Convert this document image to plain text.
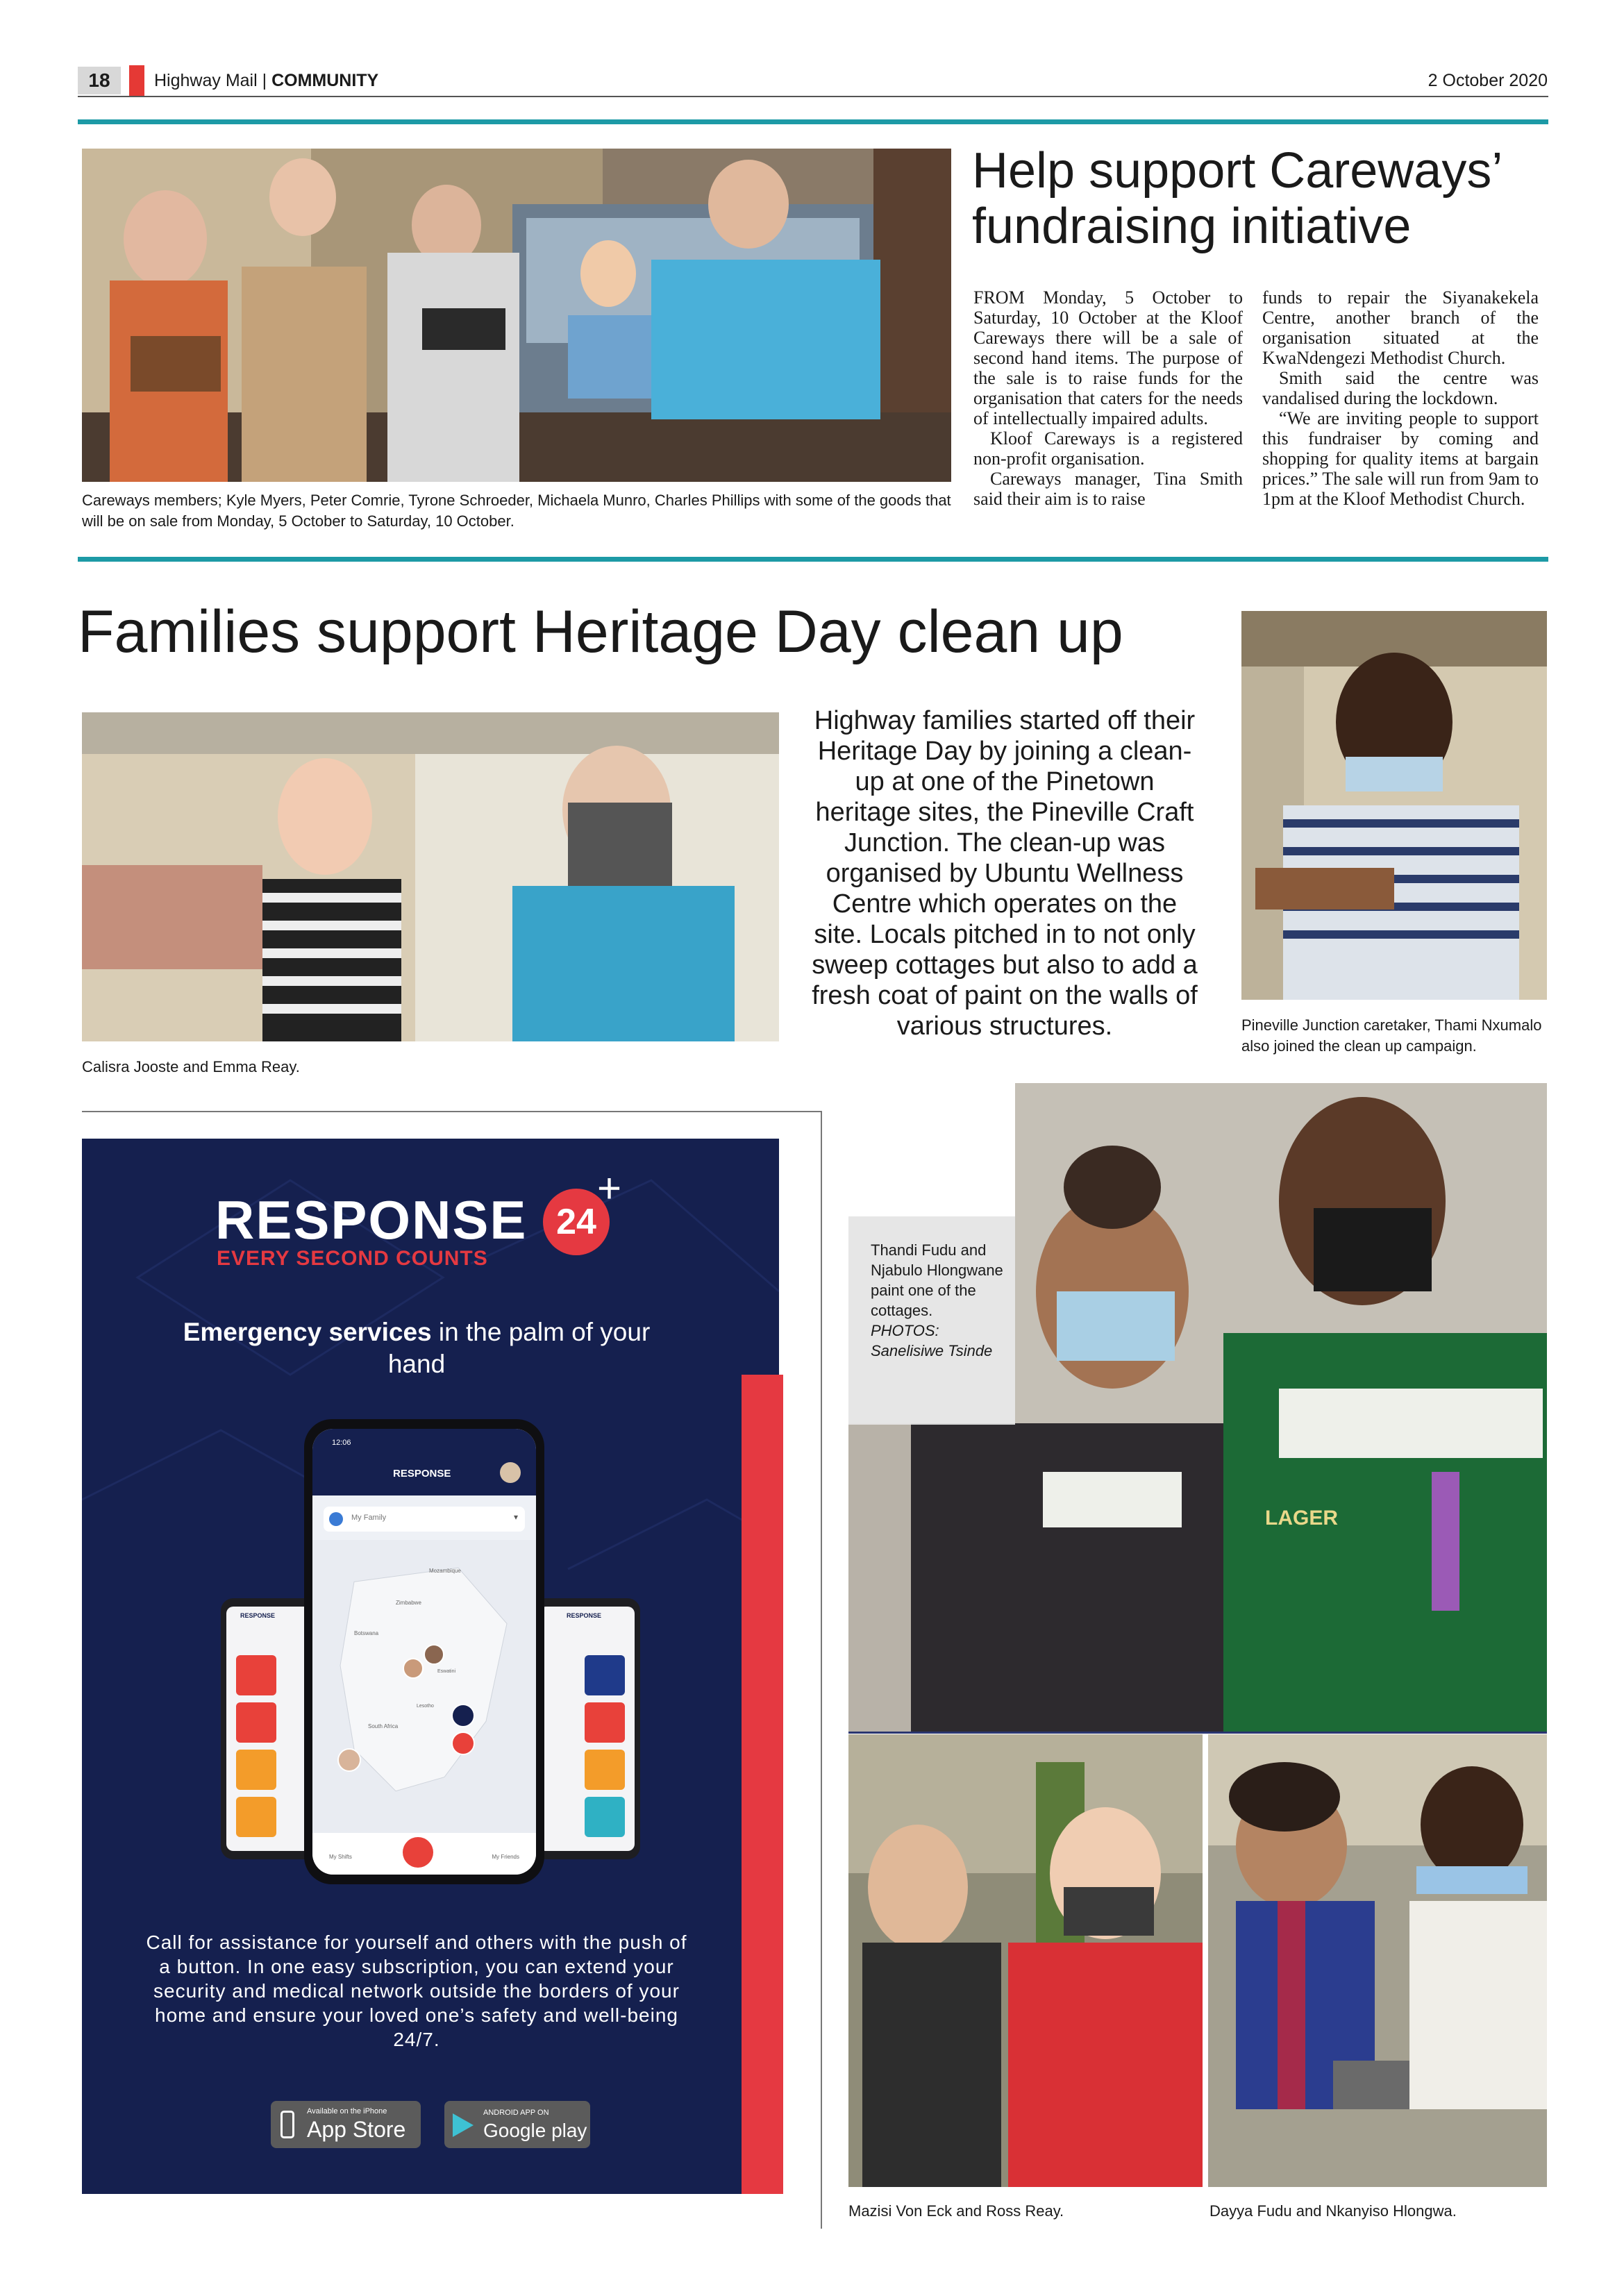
18	Highway Mail | COMMUNITY	2 October 2020
Careways members; Kyle Myers, Peter Comrie, Tyrone Schroeder, Michaela Munro, Charles Phillips with some of the goods that will be on sale from Monday, 5 October to Saturday, 10 October.
Help support Careways’ fundraising initiative

FROM Monday, 5 October to Saturday, 10 October at the Kloof Careways there will be a sale of second hand items. The purpose of the sale is to raise funds for the organisation that caters for the needs of intellectually impaired adults.

Kloof Careways is a registered non-profit organisation.

Careways manager, Tina Smith said their aim is to raise

funds to repair the Siyanakekela Centre, another branch of the organisation situated at the KwaNdengezi Methodist Church.

Smith said the centre was vandalised during the lockdown.

“We are inviting people to support this fundraiser by coming and shopping for quality items at bargain prices.” The sale will run from 9am to 1pm at the Kloof Methodist Church.

Families support Heritage Day clean up
Calisra Jooste and Emma Reay.
Highway families started off their Heritage Day by joining a clean-up at one of the Pinetown heritage sites, the Pineville Craft Junction. The clean-up was organised by Ubuntu Wellness Centre which operates on the site. Locals pitched in to not only sweep cottages but also to add a fresh coat of paint on the walls of various structures.	Pineville Junction caretaker, Thami Nxumalo also joined the clean up campaign.
RESPONSE 24
+
EVERY SECOND COUNTS
Emergency services in the palm of your hand
RESPONSE	RESPONSE
12:06
RESPONSE
My Family	▾
Mozambique
Zimbabwe
Botswana
Eswatini
Lesotho
South Africa
My Shifts	My Friends
Call for assistance for yourself and others with the push of a button. In one easy subscription, you can extend your security and medical network outside the borders of your home and ensure your loved one’s safety and well-being 24/7.
Available on the iPhone
App Store
ANDROID APP ON
Google play
Thandi Fudu and Njabulo Hlongwane paint one of the cottages.
PHOTOS:
Sanelisiwe Tsinde
LAGER
Mazisi Von Eck and Ross Reay.	Dayya Fudu and Nkanyiso Hlongwa.
